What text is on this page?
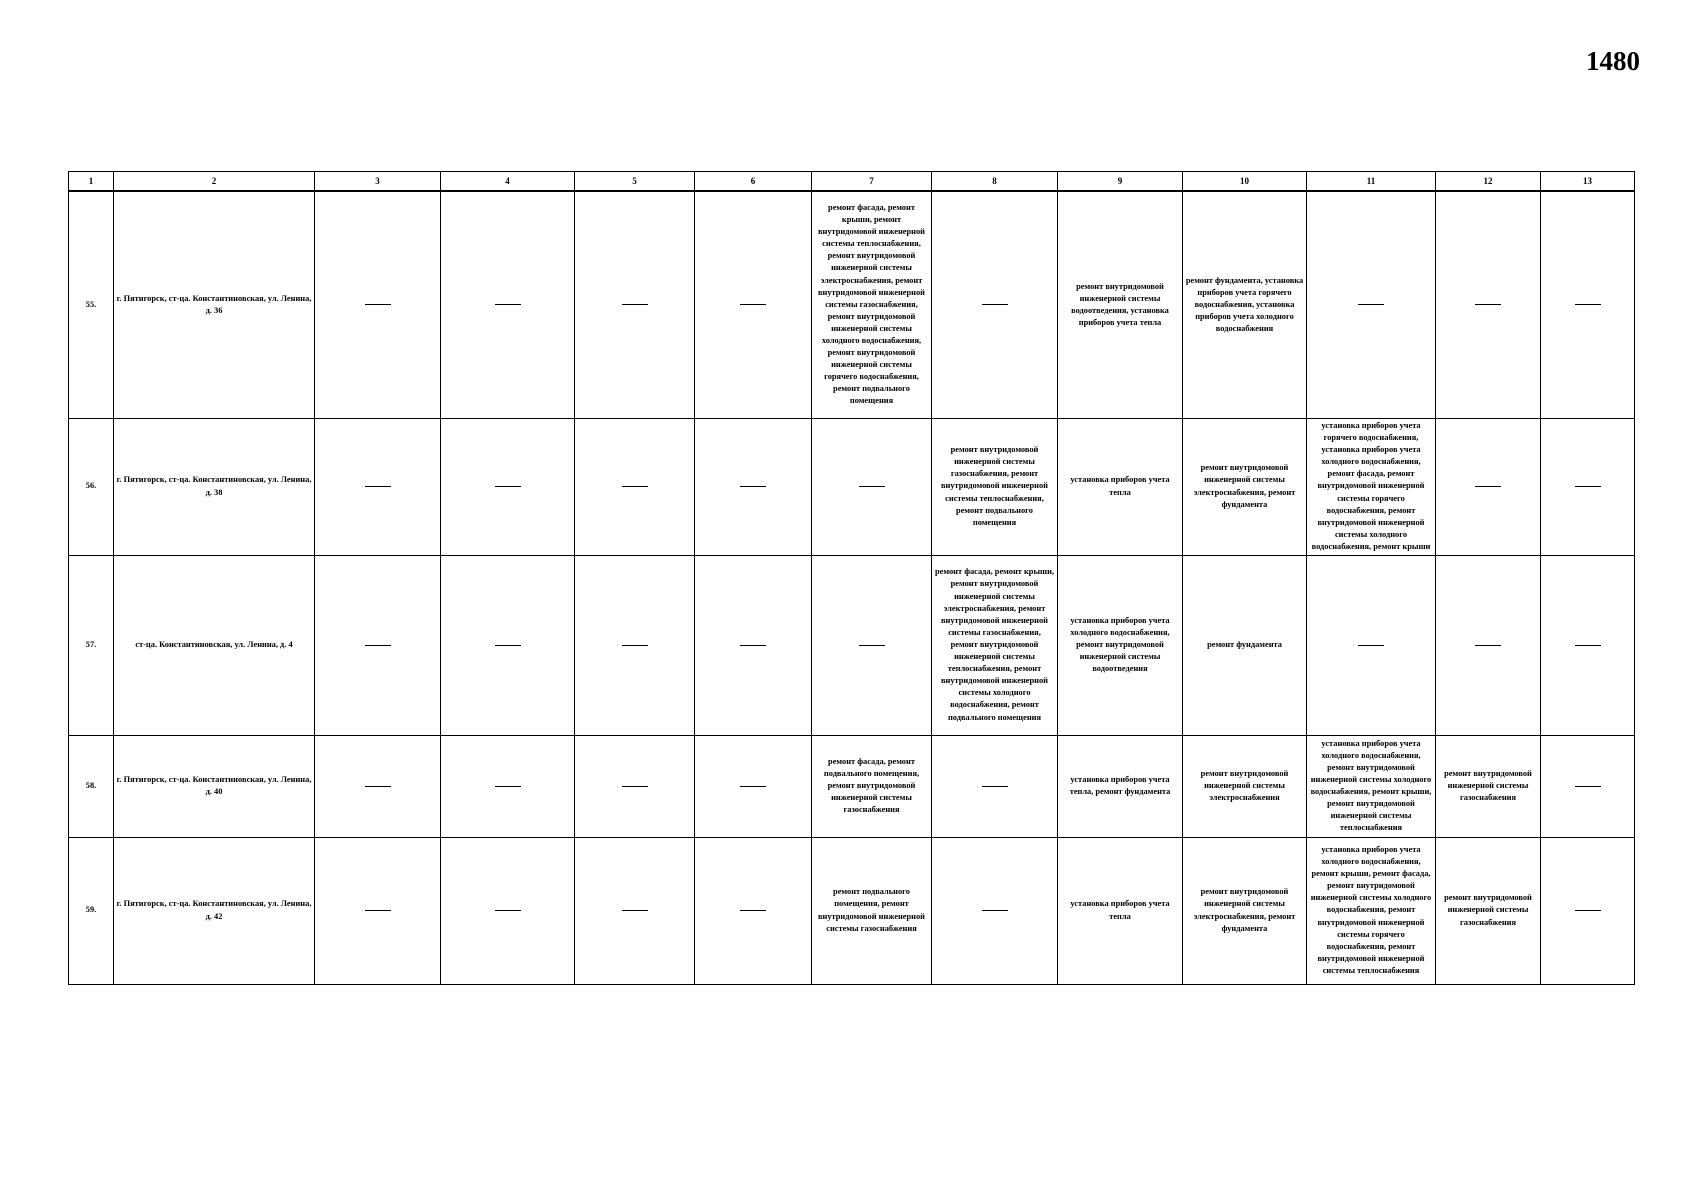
1480
1	2	3	4	5	6	7	8	9	10	11	12	13
55.	г. Пятигорск, ст-ца. Константиновская, ул. Ленина, д. 36					ремонт фасада, ремонт крыши, ремонт внутридомовой инженерной системы теплоснабжения, ремонт внутридомовой инженерной системы электроснабжения, ремонт внутридомовой инженерной системы газоснабжения, ремонт внутридомовой инженерной системы холодного водоснабжения, ремонт внутридомовой инженерной системы горячего водоснабжения, ремонт подвального помещения		ремонт внутридомовой инженерной системы водоотведения, установка приборов учета тепла	ремонт фундамента, установка приборов учета горячего водоснабжения, установка приборов учета холодного водоснабжения			
56.	г. Пятигорск, ст-ца. Константиновская, ул. Ленина, д. 38						ремонт внутридомовой инженерной системы газоснабжения, ремонт внутридомовой инженерной системы теплоснабжения, ремонт подвального помещения	установка приборов учета тепла	ремонт внутридомовой инженерной системы электроснабжения, ремонт фундамента	установка приборов учета горячего водоснабжения, установка приборов учета холодного водоснабжения, ремонт фасада, ремонт внутридомовой инженерной системы горячего водоснабжения, ремонт внутридомовой инженерной системы холодного водоснабжения, ремонт крыши		
57.	ст-ца. Константиновская, ул. Ленина, д. 4						ремонт фасада, ремонт крыши, ремонт внутридомовой инженерной системы электроснабжения, ремонт внутридомовой инженерной системы газоснабжения, ремонт внутридомовой инженерной системы теплоснабжения, ремонт внутридомовой инженерной системы холодного водоснабжения, ремонт подвального помещения	установка приборов учета холодного водоснабжения, ремонт внутридомовой инженерной системы водоотведения	ремонт фундамента			
58.	г. Пятигорск, ст-ца. Константиновская, ул. Ленина, д. 40					ремонт фасада, ремонт подвального помещения, ремонт внутридомовой инженерной системы газоснабжения		установка приборов учета тепла, ремонт фундамента	ремонт внутридомовой инженерной системы электроснабжения	установка приборов учета холодного водоснабжения, ремонт внутридомовой инженерной системы холодного водоснабжения, ремонт крыши, ремонт внутридомовой инженерной системы теплоснабжения	ремонт внутридомовой инженерной системы газоснабжения	
59.	г. Пятигорск, ст-ца. Константиновская, ул. Ленина, д. 42					ремонт подвального помещения, ремонт внутридомовой инженерной системы газоснабжения		установка приборов учета тепла	ремонт внутридомовой инженерной системы электроснабжения, ремонт фундамента	установка приборов учета холодного водоснабжения, ремонт крыши, ремонт фасада, ремонт внутридомовой инженерной системы холодного водоснабжения, ремонт внутридомовой инженерной системы горячего водоснабжения, ремонт внутридомовой инженерной системы теплоснабжения	ремонт внутридомовой инженерной системы газоснабжения	
